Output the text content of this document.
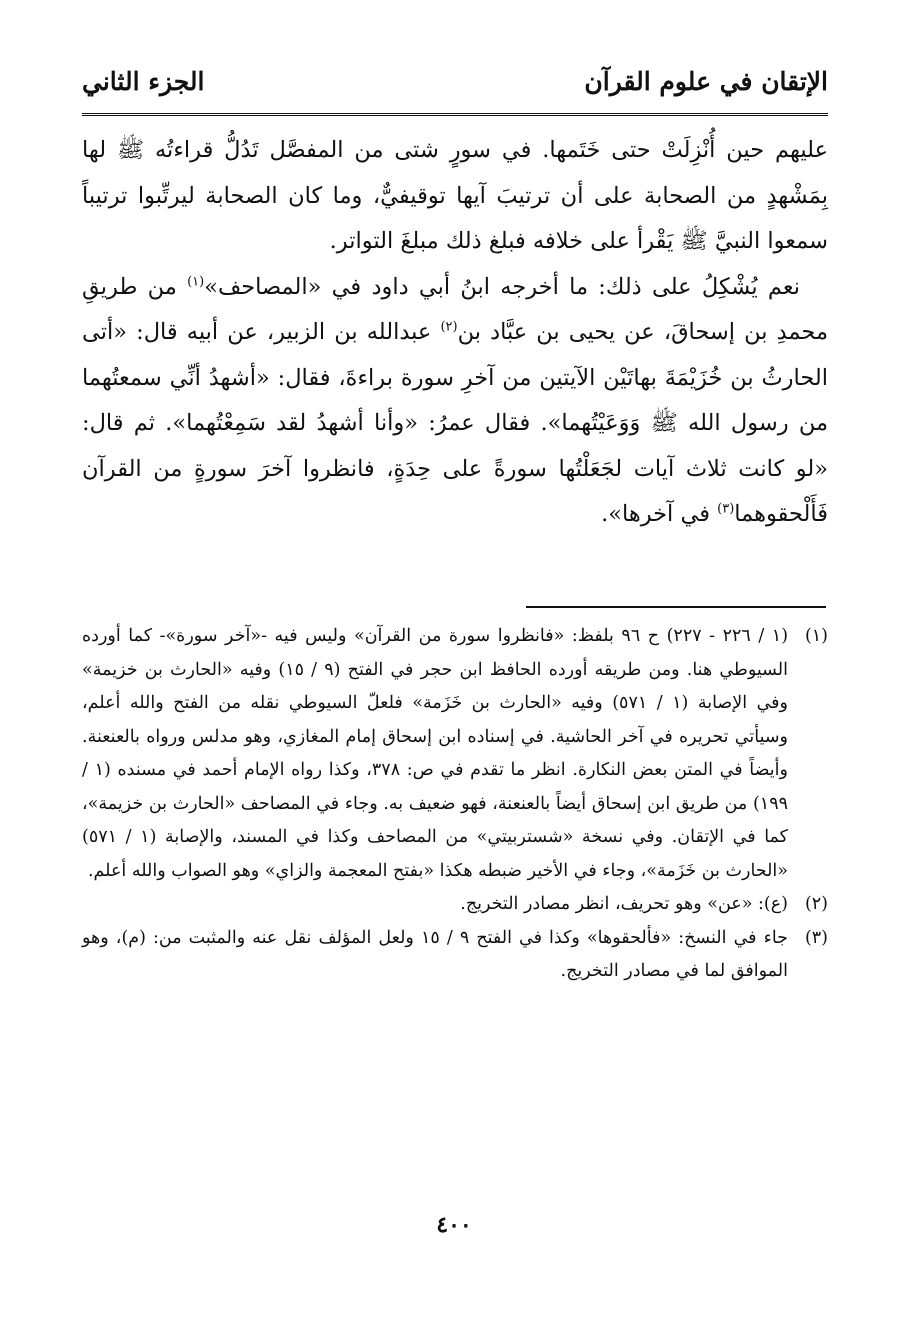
الإتقان في علوم القرآن
الجزء الثاني

عليهم حين أُنْزِلَتْ حتى خَتَمها. في سورٍ شتى من المفصَّل تَدُلُّ قراءتُه ﷺ لها بِمَشْهدٍ من الصحابة على أن ترتيبَ آيها توقيفيٌّ، وما كان الصحابة ليرتِّبوا ترتيباً سمعوا النبيَّ ﷺ يَقْرأ على خلافه فبلغ ذلك مبلغَ التواتر.

نعم يُشْكِلُ على ذلك: ما أخرجه ابنُ أبي داود في «المصاحف»$^{(١)}$ من طريقِ محمدِ بن إسحاقَ، عن يحيى بن عبَّاد بن$^{(٢)}$ عبدالله بن الزبير، عن أبيه قال: «أتى الحارثُ بن خُزَيْمَةَ بهاتَيْن الآيتين من آخرِ سورة براءةَ، فقال: «أشهدُ أنِّي سمعتُهما من رسول الله ﷺ وَوَعَيْتُهما». فقال عمرُ: «وأنا أشهدُ لقد سَمِعْتُهما». ثم قال: «لو كانت ثلاث آيات لجَعَلْتُها سورةً على حِدَةٍ، فانظروا آخرَ سورةٍ من القرآن فَأَلْحقوهما$^{(٣)}$ في آخرها».

(١)
(١ / ٢٢٦ - ٢٢٧) ح ٩٦ بلفظ: «فانظروا سورة من القرآن» وليس فيه -«آخر سورة»- كما أورده السيوطي هنا. ومن طريقه أورده الحافظ ابن حجر في الفتح (٩ / ١٥) وفيه «الحارث بن خزيمة» وفي الإصابة (١ / ٥٧١) وفيه «الحارث بن خَزَمة» فلعلّ السيوطي نقله من الفتح والله أعلم، وسيأتي تحريره في آخر الحاشية. في إسناده ابن إسحاق إمام المغازي، وهو مدلس ورواه بالعنعنة. وأيضاً في المتن بعض النكارة. انظر ما تقدم في ص: ٣٧٨، وكذا رواه الإمام أحمد في مسنده (١ / ١٩٩) من طريق ابن إسحاق أيضاً بالعنعنة، فهو ضعيف به. وجاء في المصاحف «الحارث بن خزيمة»، كما في الإتقان. وفي نسخة «شستربيتي» من المصاحف وكذا في المسند، والإصابة (١ / ٥٧١) «الحارث بن خَزَمة»، وجاء في الأخير ضبطه هكذا «بفتح المعجمة والزاي» وهو الصواب والله أعلم.

(٢)
(ع): «عن» وهو تحريف، انظر مصادر التخريج.

(٣)
جاء في النسخ: «فألحقوها» وكذا في الفتح ٩ / ١٥ ولعل المؤلف نقل عنه والمثبت من: (م)، وهو الموافق لما في مصادر التخريج.

٤٠٠
